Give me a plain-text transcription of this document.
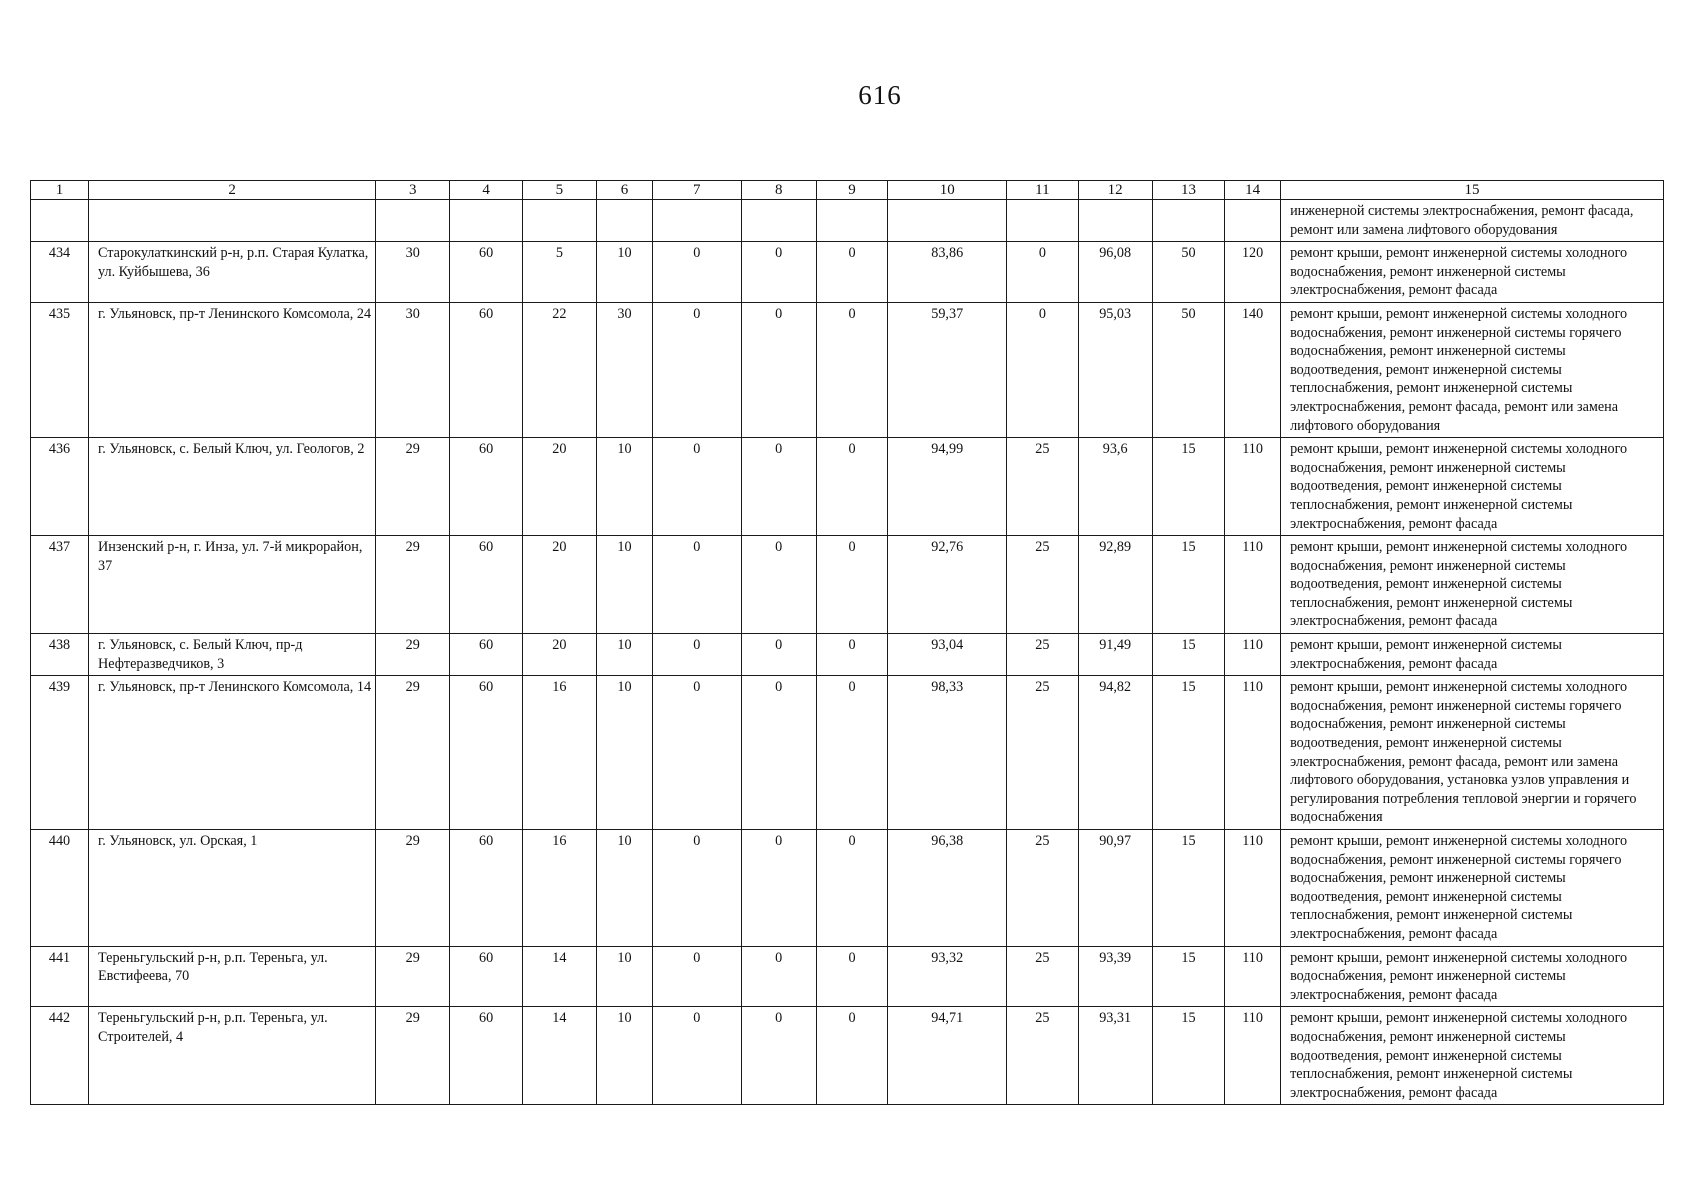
616
1	2	3	4	5	6	7	8	9	10	11	12	13	14	15
														инженерной системы электроснабжения, ремонт фасада, ремонт или замена лифтового оборудования
434	Старокулаткинский р-н, р.п. Старая Кулатка, ул. Куйбышева, 36	30	60	5	10	0	0	0	83,86	0	96,08	50	120	ремонт крыши, ремонт инженерной системы холодного водоснабжения, ремонт инженерной системы электроснабжения, ремонт фасада
435	г. Ульяновск, пр-т Ленинского Комсомола, 24	30	60	22	30	0	0	0	59,37	0	95,03	50	140	ремонт крыши, ремонт инженерной системы холодного водоснабжения, ремонт инженерной системы горячего водоснабжения, ремонт инженерной системы водоотведения, ремонт инженерной системы теплоснабжения, ремонт инженерной системы электроснабжения, ремонт фасада, ремонт или замена лифтового оборудования
436	г. Ульяновск, с. Белый Ключ, ул. Геологов, 2	29	60	20	10	0	0	0	94,99	25	93,6	15	110	ремонт крыши, ремонт инженерной системы холодного водоснабжения, ремонт инженерной системы водоотведения, ремонт инженерной системы теплоснабжения, ремонт инженерной системы электроснабжения, ремонт фасада
437	Инзенский р-н, г. Инза, ул. 7-й микрорайон, 37	29	60	20	10	0	0	0	92,76	25	92,89	15	110	ремонт крыши, ремонт инженерной системы холодного водоснабжения, ремонт инженерной системы водоотведения, ремонт инженерной системы теплоснабжения, ремонт инженерной системы электроснабжения, ремонт фасада
438	г. Ульяновск, с. Белый Ключ, пр-д Нефтеразведчиков, 3	29	60	20	10	0	0	0	93,04	25	91,49	15	110	ремонт крыши, ремонт инженерной системы электроснабжения, ремонт фасада
439	г. Ульяновск, пр-т Ленинского Комсомола, 14	29	60	16	10	0	0	0	98,33	25	94,82	15	110	ремонт крыши, ремонт инженерной системы холодного водоснабжения, ремонт инженерной системы горячего водоснабжения, ремонт инженерной системы водоотведения, ремонт инженерной системы электроснабжения, ремонт фасада, ремонт или замена лифтового оборудования, установка узлов управления и регулирования потребления тепловой энергии и горячего водоснабжения
440	г. Ульяновск, ул. Орская, 1	29	60	16	10	0	0	0	96,38	25	90,97	15	110	ремонт крыши, ремонт инженерной системы холодного водоснабжения, ремонт инженерной системы горячего водоснабжения, ремонт инженерной системы водоотведения, ремонт инженерной системы теплоснабжения, ремонт инженерной системы электроснабжения, ремонт фасада
441	Тереньгульский р-н, р.п. Тереньга, ул. Евстифеева, 70	29	60	14	10	0	0	0	93,32	25	93,39	15	110	ремонт крыши, ремонт инженерной системы холодного водоснабжения, ремонт инженерной системы электроснабжения, ремонт фасада
442	Тереньгульский р-н, р.п. Тереньга, ул. Строителей, 4	29	60	14	10	0	0	0	94,71	25	93,31	15	110	ремонт крыши, ремонт инженерной системы холодного водоснабжения, ремонт инженерной системы водоотведения, ремонт инженерной системы теплоснабжения, ремонт инженерной системы электроснабжения, ремонт фасада
